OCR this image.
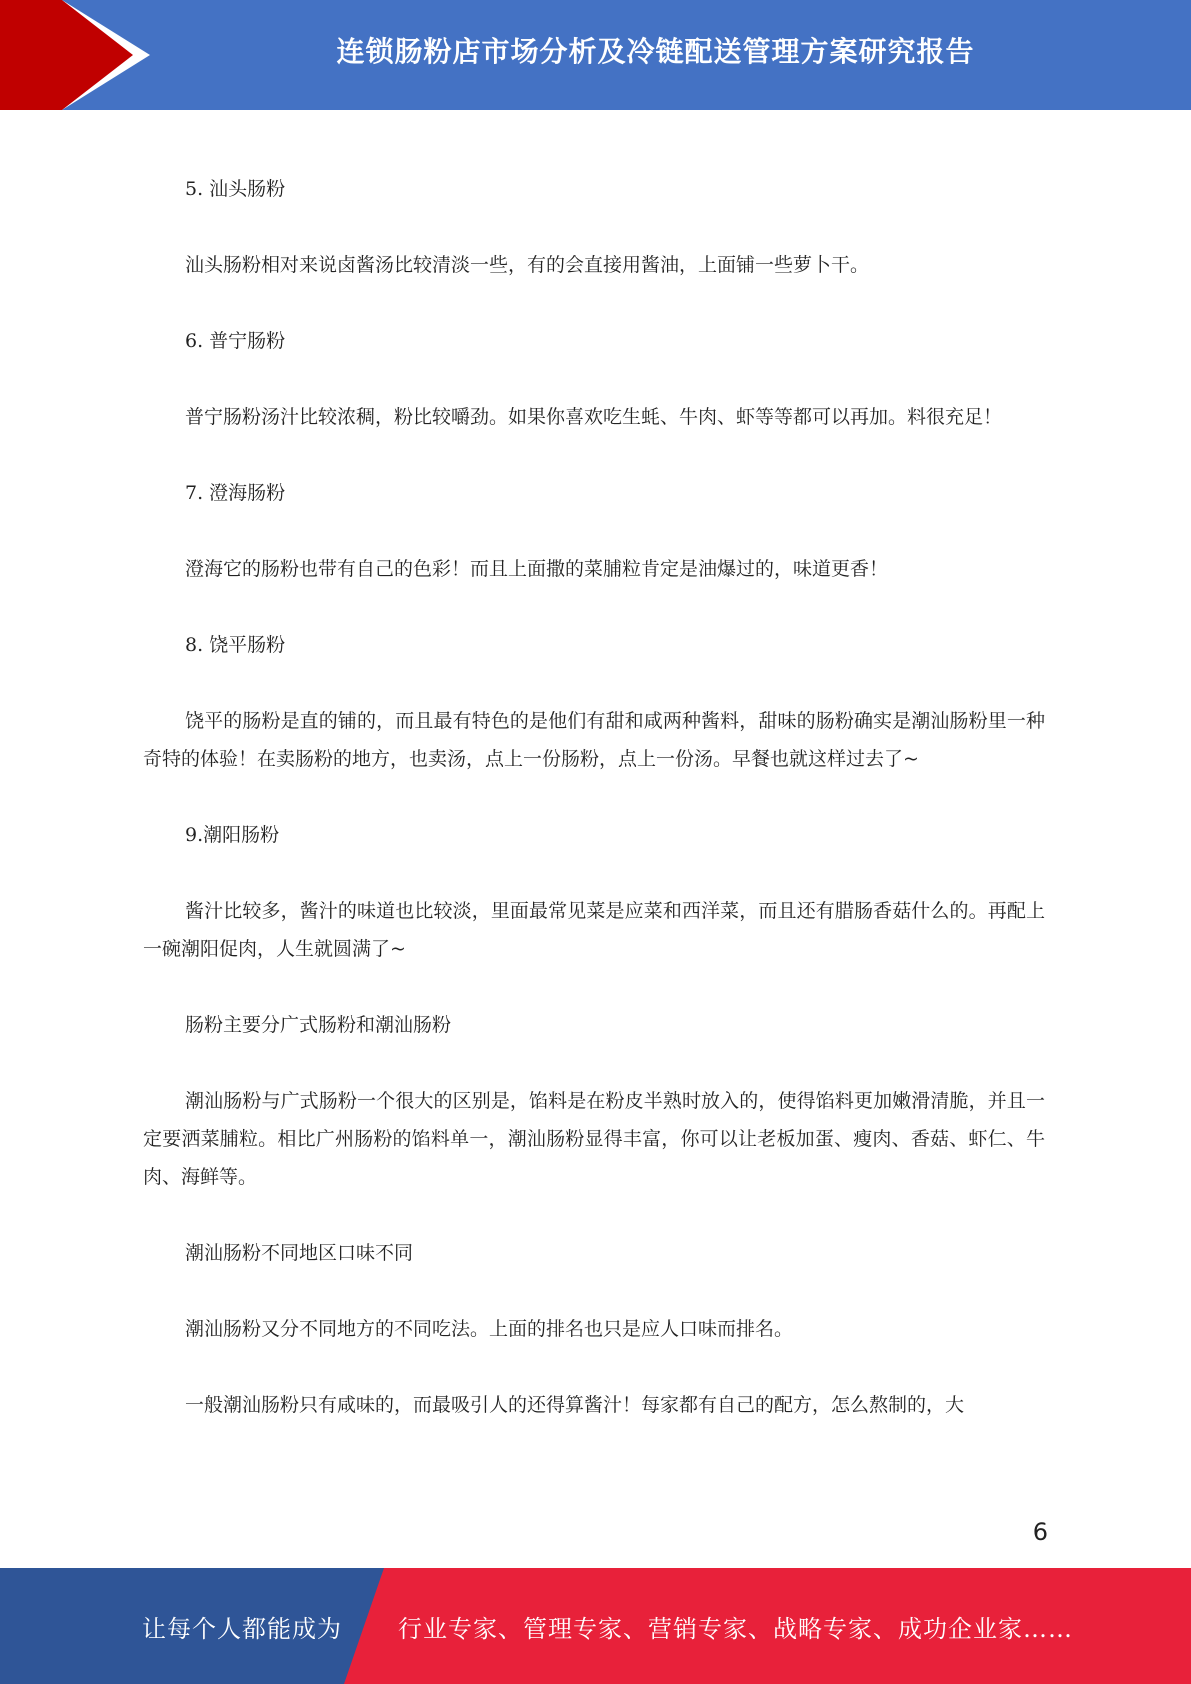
连锁肠粉店市场分析及冷链配送管理方案研究报告

5. 汕头肠粉

汕头肠粉相对来说卤酱汤比较清淡一些，有的会直接用酱油，上面铺一些萝卜干。

6. 普宁肠粉

普宁肠粉汤汁比较浓稠，粉比较嚼劲。如果你喜欢吃生蚝、牛肉、虾等等都可以再加。料很充足！

7. 澄海肠粉

澄海它的肠粉也带有自己的色彩！而且上面撒的菜脯粒肯定是油爆过的，味道更香！

8. 饶平肠粉

饶平的肠粉是直的铺的，而且最有特色的是他们有甜和咸两种酱料，甜味的肠粉确实是潮汕肠粉里一种奇特的体验！在卖肠粉的地方，也卖汤，点上一份肠粉，点上一份汤。早餐也就这样过去了~

9.潮阳肠粉

酱汁比较多，酱汁的味道也比较淡，里面最常见菜是应菜和西洋菜，而且还有腊肠香菇什么的。再配上一碗潮阳促肉，人生就圆满了~

肠粉主要分广式肠粉和潮汕肠粉

潮汕肠粉与广式肠粉一个很大的区别是，馅料是在粉皮半熟时放入的，使得馅料更加嫩滑清脆，并且一定要洒菜脯粒。相比广州肠粉的馅料单一，潮汕肠粉显得丰富，你可以让老板加蛋、瘦肉、香菇、虾仁、牛肉、海鲜等。

潮汕肠粉不同地区口味不同

潮汕肠粉又分不同地方的不同吃法。上面的排名也只是应人口味而排名。

一般潮汕肠粉只有咸味的，而最吸引人的还得算酱汁！每家都有自己的配方，怎么熬制的，大

6
让每个人都能成为 行业专家、管理专家、营销专家、战略专家、成功企业家……
